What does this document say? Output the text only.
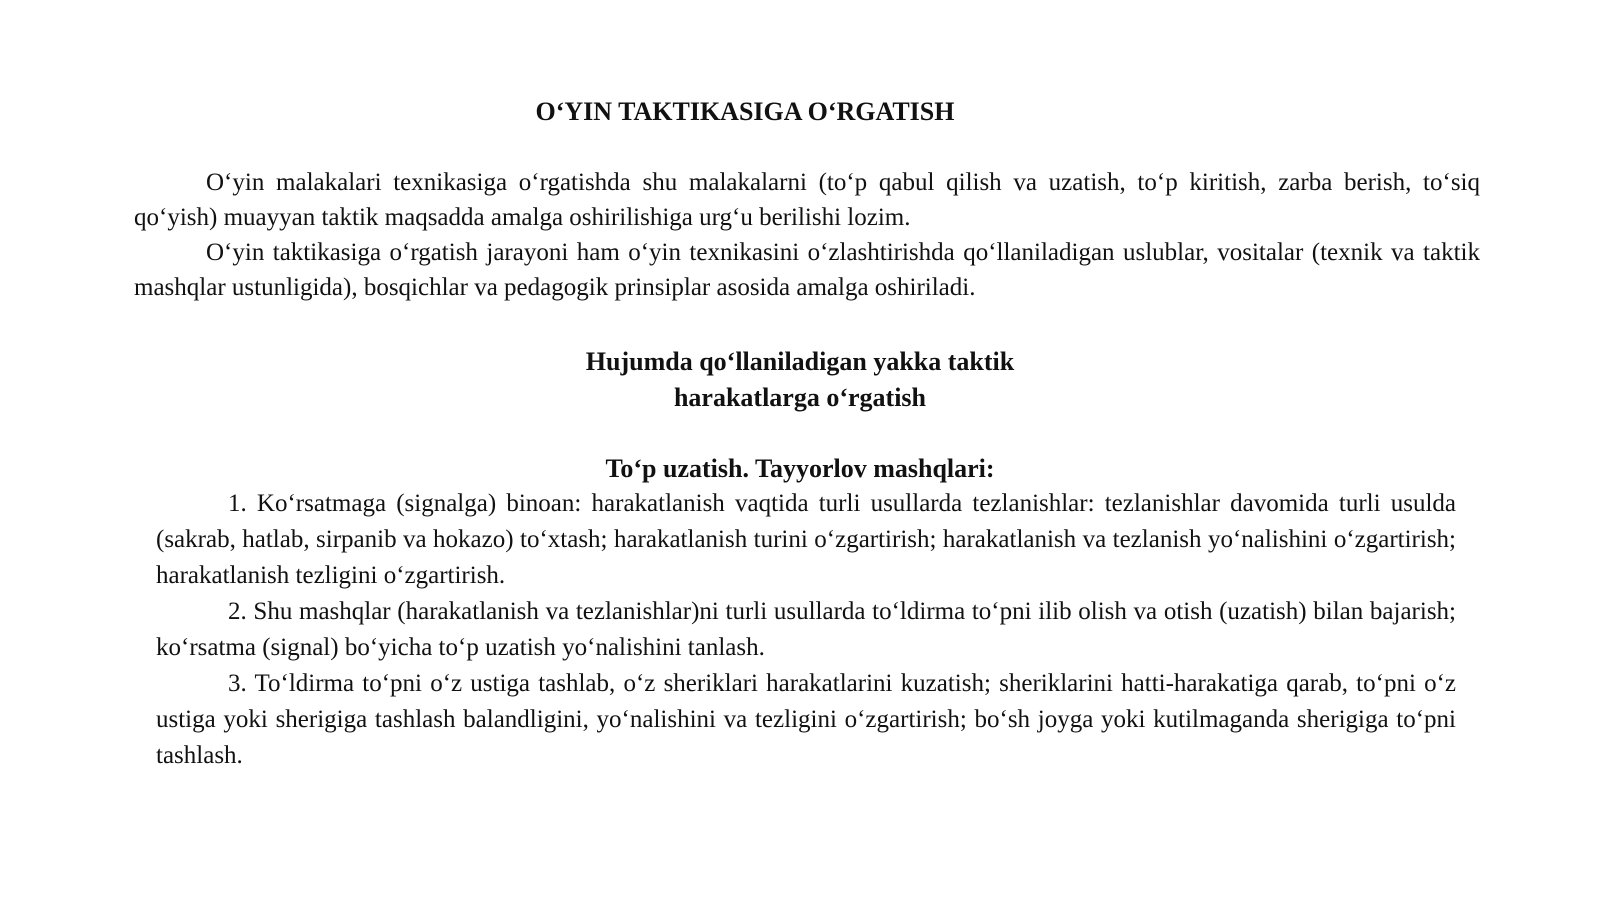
O‘YIN TAKTIKASIGA O‘RGATISH

O‘yin malakalari texnikasiga o‘rgatishda shu malakalarni (to‘p qabul qilish va uzatish, to‘p kiritish, zarba berish, to‘siq qo‘yish) muayyan taktik maqsadda amalga oshirilishiga urg‘u berilishi lozim.

O‘yin taktikasiga o‘rgatish jarayoni ham o‘yin texnikasini o‘zlashtirishda qo‘llaniladigan uslublar, vositalar (texnik va taktik mashqlar ustunligida), bosqichlar va pedagogik prinsiplar asosida amalga oshiriladi.

Hujumda qo‘llaniladigan yakka taktik
harakatlarga o‘rgatish
To‘p uzatish. Tayyorlov mashqlari:

1. Ko‘rsatmaga (signalga) binoan: harakatlanish vaqtida turli usullarda tezlanishlar: tezlanishlar davomida turli usulda (sakrab, hatlab, sirpanib va hokazo) to‘xtash; harakatlanish turini o‘zgartirish; harakatlanish va tezlanish yo‘nalishini o‘zgartirish; harakatlanish tezligini o‘zgartirish.

2. Shu mashqlar (harakatlanish va tezlanishlar)ni turli usullarda to‘ldirma to‘pni ilib olish va otish (uzatish) bilan bajarish; ko‘rsatma (signal) bo‘yicha to‘p uzatish yo‘nalishini tanlash.

3. To‘ldirma to‘pni o‘z ustiga tashlab, o‘z sheriklari harakatlarini kuzatish; sheriklarini hatti-harakatiga qarab, to‘pni o‘z ustiga yoki sherigiga tashlash balandligini, yo‘nalishini va tezligini o‘zgartirish; bo‘sh joyga yoki kutilmaganda sherigiga to‘pni tashlash.
